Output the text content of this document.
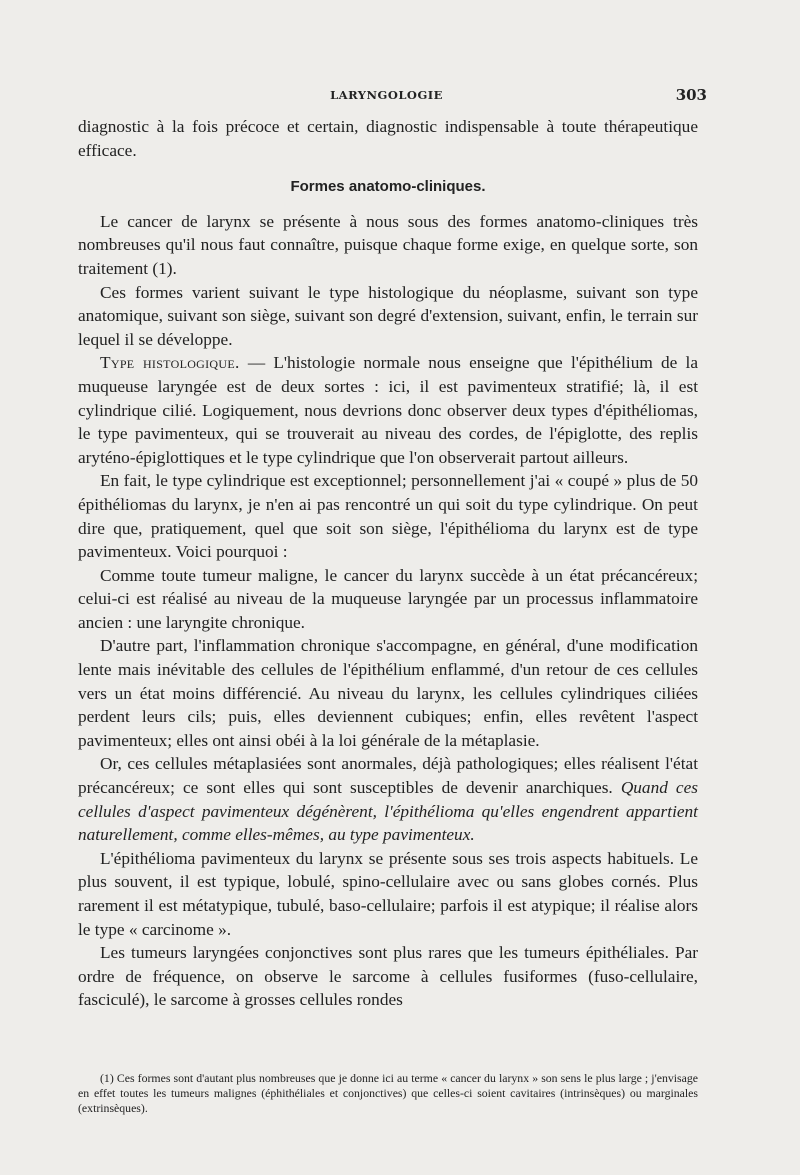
LARYNGOLOGIE	303

diagnostic à la fois précoce et certain, diagnostic indispensable à toute thérapeutique efficace.

Formes anatomo-cliniques.

Le cancer de larynx se présente à nous sous des formes anatomo-cliniques très nombreuses qu'il nous faut connaître, puisque chaque forme exige, en quelque sorte, son traitement (1).

Ces formes varient suivant le type histologique du néoplasme, suivant son type anatomique, suivant son siège, suivant son degré d'extension, suivant, enfin, le terrain sur lequel il se développe.

Type histologique. — L'histologie normale nous enseigne que l'épithélium de la muqueuse laryngée est de deux sortes : ici, il est pavimenteux stratifié; là, il est cylindrique cilié. Logiquement, nous devrions donc observer deux types d'épithéliomas, le type pavimenteux, qui se trouverait au niveau des cordes, de l'épiglotte, des replis aryténo-épiglottiques et le type cylindrique que l'on observerait partout ailleurs.

En fait, le type cylindrique est exceptionnel; personnellement j'ai « coupé » plus de 50 épithéliomas du larynx, je n'en ai pas rencontré un qui soit du type cylindrique. On peut dire que, pratiquement, quel que soit son siège, l'épithélioma du larynx est de type pavimenteux. Voici pourquoi :

Comme toute tumeur maligne, le cancer du larynx succède à un état précancéreux; celui-ci est réalisé au niveau de la muqueuse laryngée par un processus inflammatoire ancien : une laryngite chronique.

D'autre part, l'inflammation chronique s'accompagne, en général, d'une modification lente mais inévitable des cellules de l'épithélium enflammé, d'un retour de ces cellules vers un état moins différencié. Au niveau du larynx, les cellules cylindriques ciliées perdent leurs cils; puis, elles deviennent cubiques; enfin, elles revêtent l'aspect pavimenteux; elles ont ainsi obéi à la loi générale de la métaplasie.

Or, ces cellules métaplasiées sont anormales, déjà pathologiques; elles réalisent l'état précancéreux; ce sont elles qui sont susceptibles de devenir anarchiques. Quand ces cellules d'aspect pavimenteux dégénèrent, l'épithélioma qu'elles engendrent appartient naturellement, comme elles-mêmes, au type pavimenteux.

L'épithélioma pavimenteux du larynx se présente sous ses trois aspects habituels. Le plus souvent, il est typique, lobulé, spino-cellulaire avec ou sans globes cornés. Plus rarement il est métatypique, tubulé, baso-cellulaire; parfois il est atypique; il réalise alors le type « carcinome ».

Les tumeurs laryngées conjonctives sont plus rares que les tumeurs épithéliales. Par ordre de fréquence, on observe le sarcome à cellules fusiformes (fuso-cellulaire, fasciculé), le sarcome à grosses cellules rondes

(1) Ces formes sont d'autant plus nombreuses que je donne ici au terme « cancer du larynx » son sens le plus large ; j'envisage en effet toutes les tumeurs malignes (éphithéliales et conjonctives) que celles-ci soient cavitaires (intrinsèques) ou marginales (extrinsèques).
